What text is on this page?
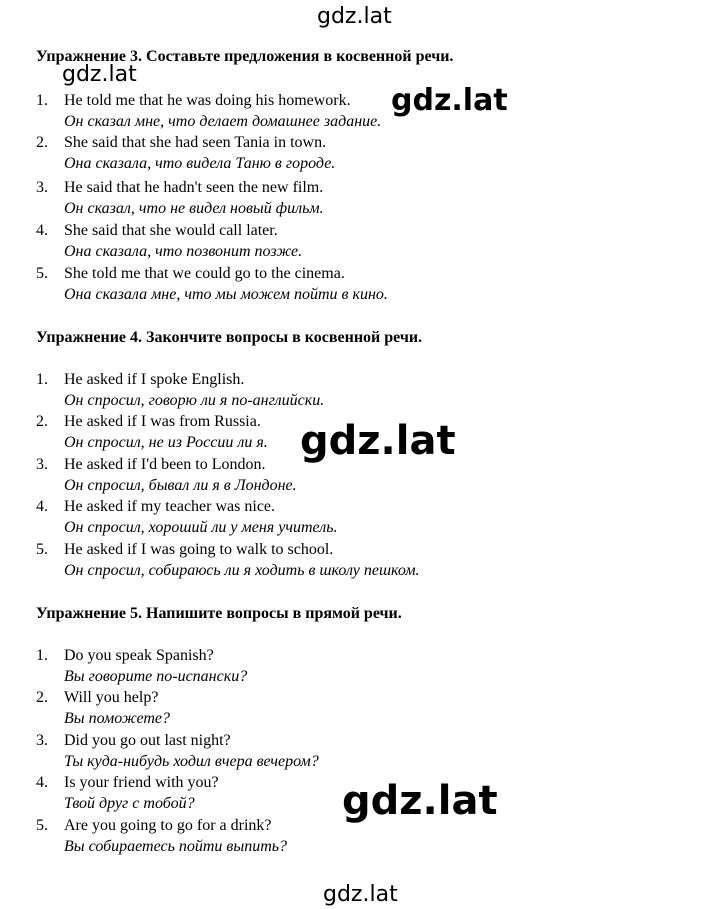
Упражнение 3. Составьте предложения в косвенной речи.
1. He told me that he was doing his homework.
Он сказал мне, что делает домашнее задание.
2. She said that she had seen Tania in town.
Она сказала, что видела Таню в городе.
3. He said that he hadn't seen the new film.
Он сказал, что не видел новый фильм.
4. She said that she would call later.
Она сказала, что позвонит позже.
5. She told me that we could go to the cinema.
Она сказала мне, что мы можем пойти в кино.
Упражнение 4. Закончите вопросы в косвенной речи.
1. He asked if I spoke English.
Он спросил, говорю ли я по-английски.
2. He asked if I was from Russia.
Он спросил, не из России ли я.
3. He asked if I'd been to London.
Он спросил, бывал ли я в Лондоне.
4. He asked if my teacher was nice.
Он спросил, хороший ли у меня учитель.
5. He asked if I was going to walk to school.
Он спросил, собираюсь ли я ходить в школу пешком.
Упражнение 5. Напишите вопросы в прямой речи.
1. Do you speak Spanish?
Вы говорите по-испански?
2. Will you help?
Вы поможете?
3. Did you go out last night?
Ты куда-нибудь ходил вчера вечером?
4. Is your friend with you?
Твой друг с тобой?
5. Are you going to go for a drink?
Вы собираетесь пойти выпить?
gdz.lat
gdz.lat
gdz.lat
gdz.lat
gdz.lat
gdz.lat
